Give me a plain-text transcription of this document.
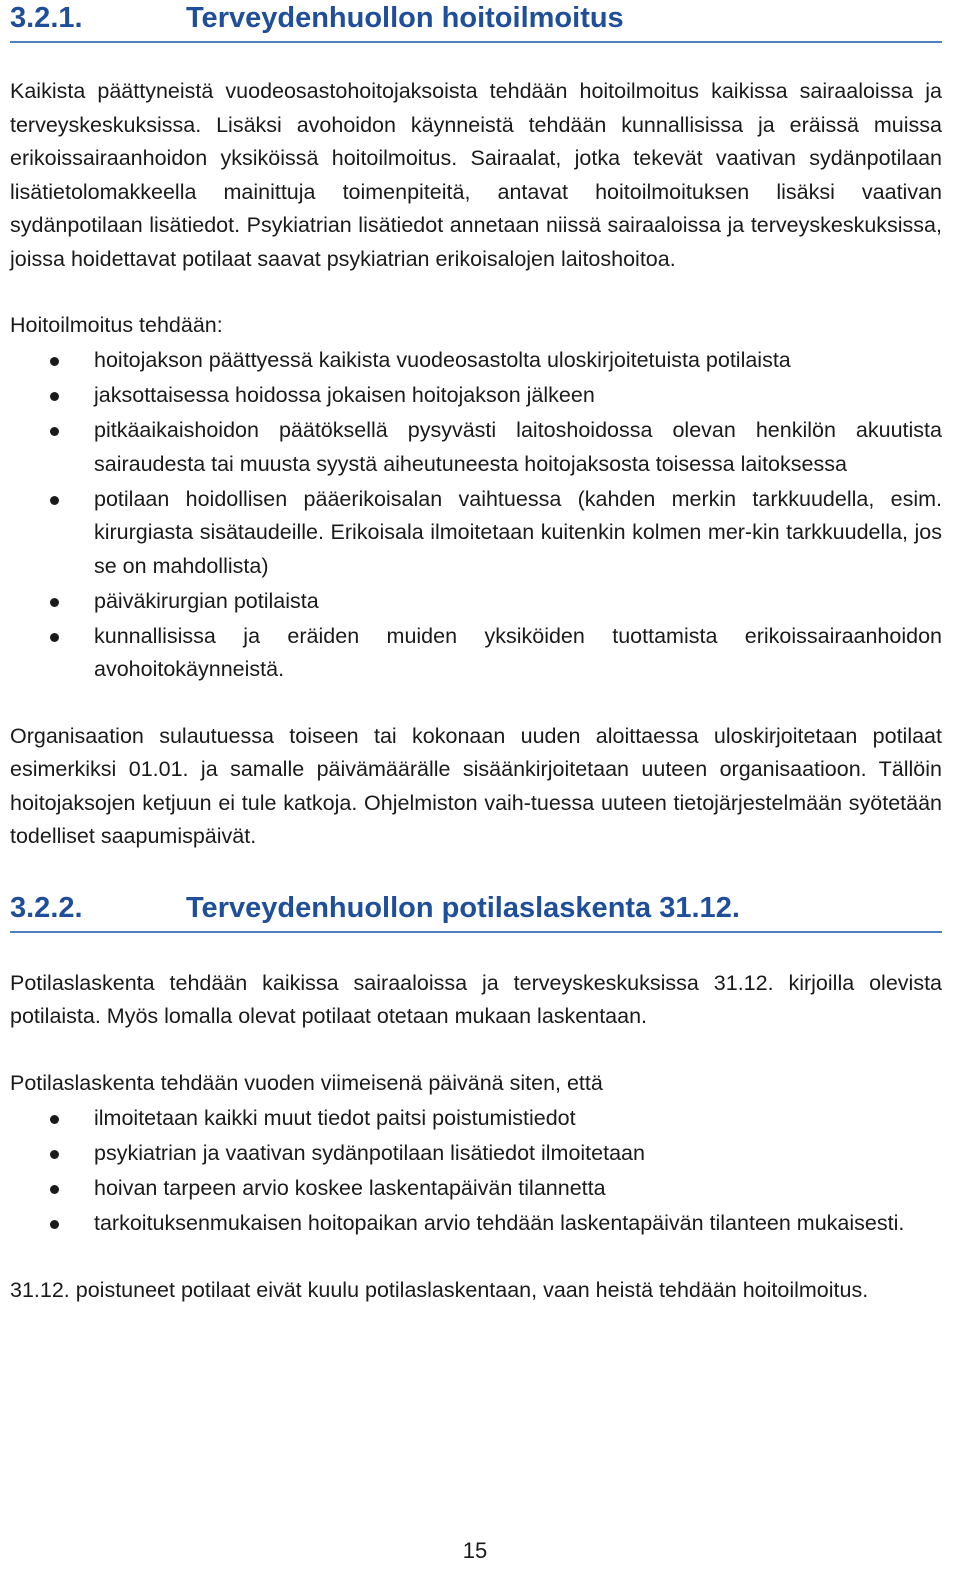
3.2.1.	Terveydenhuollon hoitoilmoitus

Kaikista päättyneistä vuodeosastohoitojaksoista tehdään hoitoilmoitus kaikissa sairaaloissa ja terveyskeskuksissa. Lisäksi avohoidon käynneistä tehdään kunnallisissa ja eräissä muissa erikoissairaanhoidon yksiköissä hoitoilmoitus. Sairaalat, jotka tekevät vaativan sydänpotilaan lisätietolomakkeella mainittuja toimenpiteitä, antavat hoitoilmoituksen lisäksi vaativan sydänpotilaan lisätiedot. Psykiatrian lisätiedot annetaan niissä sairaaloissa ja terveyskeskuksissa, joissa hoidettavat potilaat saavat psykiatrian erikoisalojen laitoshoitoa.

Hoitoilmoitus tehdään:

hoitojakson päättyessä kaikista vuodeosastolta uloskirjoitetuista potilaista
jaksottaisessa hoidossa jokaisen hoitojakson jälkeen
pitkäaikaishoidon päätöksellä pysyvästi laitoshoidossa olevan henkilön akuutista sairaudesta tai muusta syystä aiheutuneesta hoitojaksosta toisessa laitoksessa
potilaan hoidollisen pääerikoisalan vaihtuessa (kahden merkin tarkkuudella, esim. kirurgiasta sisätaudeille. Erikoisala ilmoitetaan kuitenkin kolmen mer-kin tarkkuudella, jos se on mahdollista)
päiväkirurgian potilaista
kunnallisissa ja eräiden muiden yksiköiden tuottamista erikoissairaanhoidon avohoitokäynneistä.

Organisaation sulautuessa toiseen tai kokonaan uuden aloittaessa uloskirjoitetaan potilaat esimerkiksi 01.01. ja samalle päivämäärälle sisäänkirjoitetaan uuteen organisaatioon. Tällöin hoitojaksojen ketjuun ei tule katkoja. Ohjelmiston vaih-tuessa uuteen tietojärjestelmään syötetään todelliset saapumispäivät.

3.2.2.	Terveydenhuollon potilaslaskenta 31.12.

Potilaslaskenta tehdään kaikissa sairaaloissa ja terveyskeskuksissa 31.12. kirjoilla olevista potilaista. Myös lomalla olevat potilaat otetaan mukaan laskentaan.

Potilaslaskenta tehdään vuoden viimeisenä päivänä siten, että

ilmoitetaan kaikki muut tiedot paitsi poistumistiedot
psykiatrian ja vaativan sydänpotilaan lisätiedot ilmoitetaan
hoivan tarpeen arvio koskee laskentapäivän tilannetta
tarkoituksenmukaisen hoitopaikan arvio tehdään laskentapäivän tilanteen mukaisesti.

31.12. poistuneet potilaat eivät kuulu potilaslaskentaan, vaan heistä tehdään hoitoilmoitus.

15
